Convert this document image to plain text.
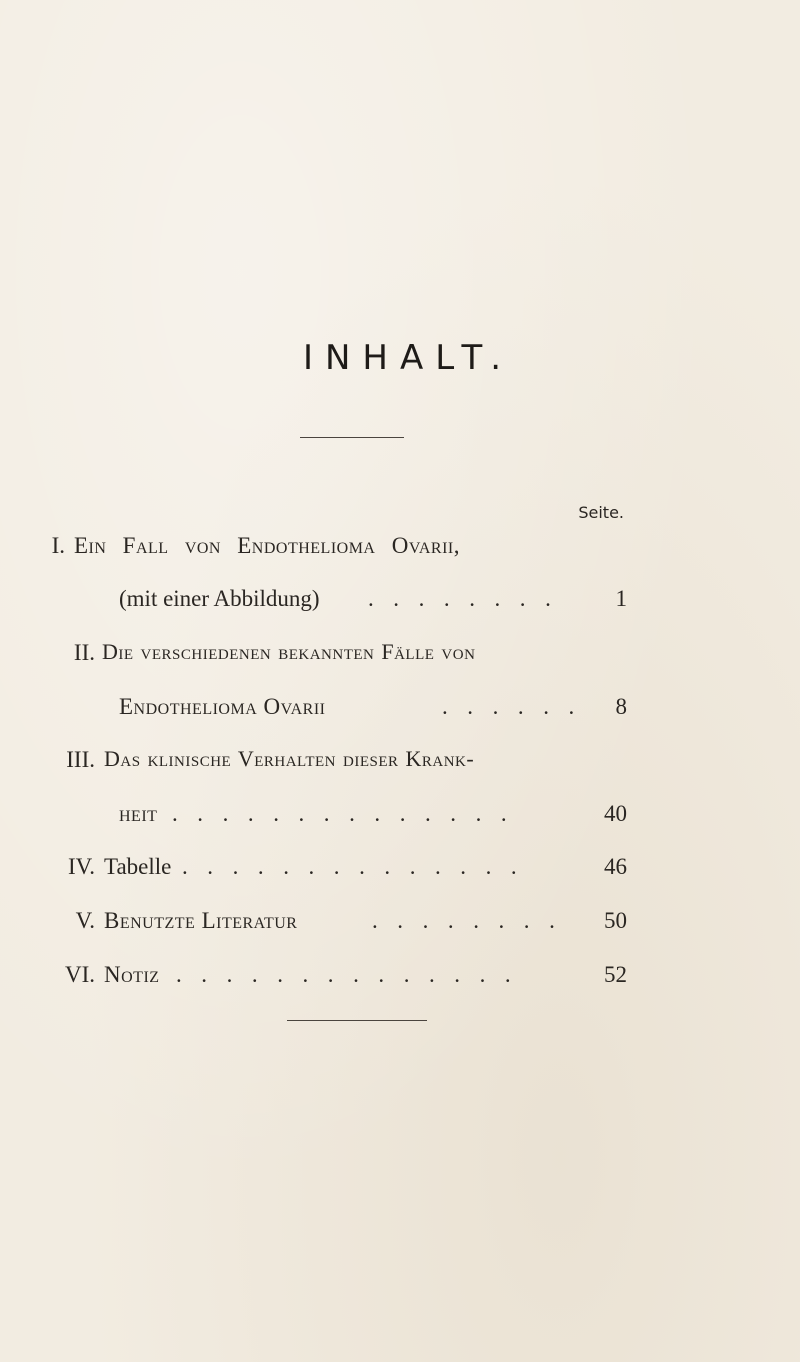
INHALT.
Seite.
I. Ein Fall von Endothelioma Ovarii,
(mit einer Abbildung) . . . . . . . .	1
II. Die verschiedenen bekannten Fälle von
Endothelioma Ovarii	. . . . . .	8
III. Das klinische Verhalten dieser Krank-
heit . . . . . . . . . . . . . .	40
IV. Tabelle . . . . . . . . . . . . . .	46
V. Benutzte Literatur	. . . . . . . .	50
VI. Notiz . . . . . . . . . . . . . .	52
